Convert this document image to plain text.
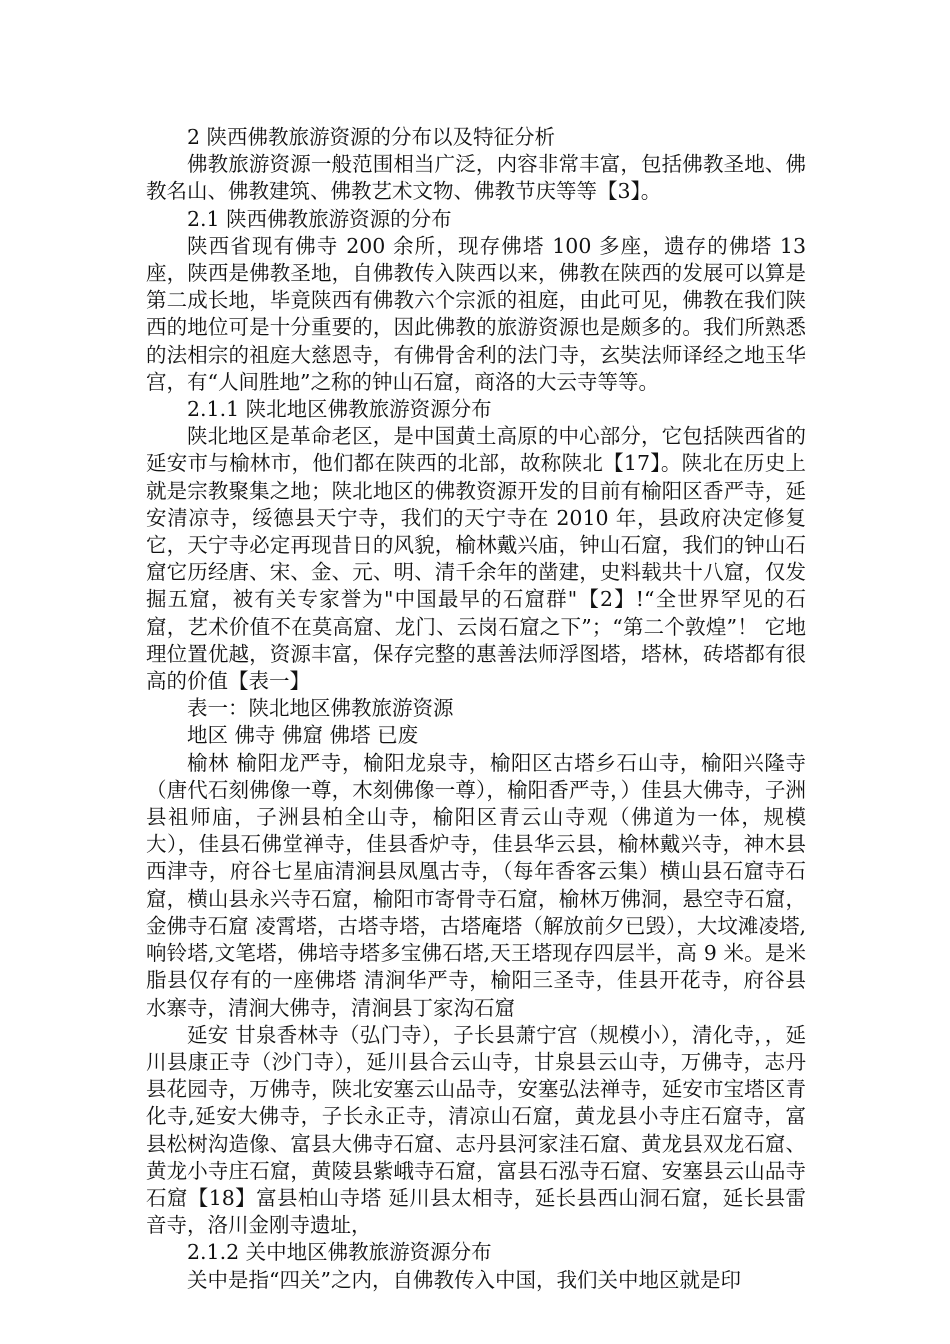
2 陕西佛教旅游资源的分布以及特征分析

佛教旅游资源一般范围相当广泛，内容非常丰富，包括佛教圣地、佛教名山、佛教建筑、佛教艺术文物、佛教节庆等等【3】。

2.1 陕西佛教旅游资源的分布

陕西省现有佛寺 200 余所，现存佛塔 100 多座，遗存的佛塔 13 座，陕西是佛教圣地，自佛教传入陕西以来，佛教在陕西的发展可以算是第二成长地，毕竟陕西有佛教六个宗派的祖庭，由此可见，佛教在我们陕西的地位可是十分重要的，因此佛教的旅游资源也是颇多的。我们所熟悉的法相宗的祖庭大慈恩寺，有佛骨舍利的法门寺，玄奘法师译经之地玉华宫，有“人间胜地”之称的钟山石窟，商洛的大云寺等等。

2.1.1 陕北地区佛教旅游资源分布

陕北地区是革命老区，是中国黄土高原的中心部分，它包括陕西省的延安市与榆林市，他们都在陕西的北部，故称陕北【17】。陕北在历史上就是宗教聚集之地；陕北地区的佛教资源开发的目前有榆阳区香严寺，延安清凉寺，绥德县天宁寺，我们的天宁寺在 2010 年，县政府决定修复它，天宁寺必定再现昔日的风貌，榆林戴兴庙，钟山石窟，我们的钟山石窟它历经唐、宋、金、元、明、清千余年的凿建，史料载共十八窟，仅发掘五窟，被有关专家誉为"中国最早的石窟群"【2】!“全世界罕见的石窟，艺术价值不在莫高窟、龙门、云岗石窟之下”；“第二个敦煌”！ 它地理位置优越，资源丰富，保存完整的惠善法师浮图塔，塔林，砖塔都有很高的价值【表一】

表一：陕北地区佛教旅游资源

地区 佛寺 佛窟 佛塔 已废

榆林 榆阳龙严寺，榆阳龙泉寺，榆阳区古塔乡石山寺，榆阳兴隆寺（唐代石刻佛像一尊，木刻佛像一尊），榆阳香严寺，）佳县大佛寺，子洲县祖师庙，子洲县柏全山寺，榆阳区青云山寺观（佛道为一体，规模大），佳县石佛堂禅寺，佳县香炉寺，佳县华云县，榆林戴兴寺，神木县西津寺，府谷七星庙清涧县凤凰古寺，（每年香客云集）横山县石窟寺石窟，横山县永兴寺石窟，榆阳市寄骨寺石窟，榆林万佛洞，悬空寺石窟，金佛寺石窟 凌霄塔，古塔寺塔，古塔庵塔（解放前夕已毁），大坟滩凌塔,响铃塔,文笔塔，佛培寺塔多宝佛石塔,天王塔现存四层半，高 9 米。是米脂县仅存有的一座佛塔 清涧华严寺，榆阳三圣寺，佳县开花寺，府谷县水寨寺，清涧大佛寺，清涧县丁家沟石窟

延安 甘泉香林寺（弘门寺），子长县萧宁宫（规模小），清化寺，，延川县康正寺（沙门寺），延川县合云山寺，甘泉县云山寺，万佛寺，志丹县花园寺，万佛寺，陕北安塞云山品寺，安塞弘法禅寺，延安市宝塔区青化寺,延安大佛寺，子长永正寺，清凉山石窟，黄龙县小寺庄石窟寺，富县松树沟造像、富县大佛寺石窟、志丹县河家洼石窟、黄龙县双龙石窟、黄龙小寺庄石窟，黄陵县紫峨寺石窟，富县石泓寺石窟、安塞县云山品寺石窟【18】富县柏山寺塔 延川县太相寺，延长县西山洞石窟，延长县雷音寺，洛川金刚寺遗址，

2.1.2 关中地区佛教旅游资源分布

关中是指“四关”之内，自佛教传入中国，我们关中地区就是印
